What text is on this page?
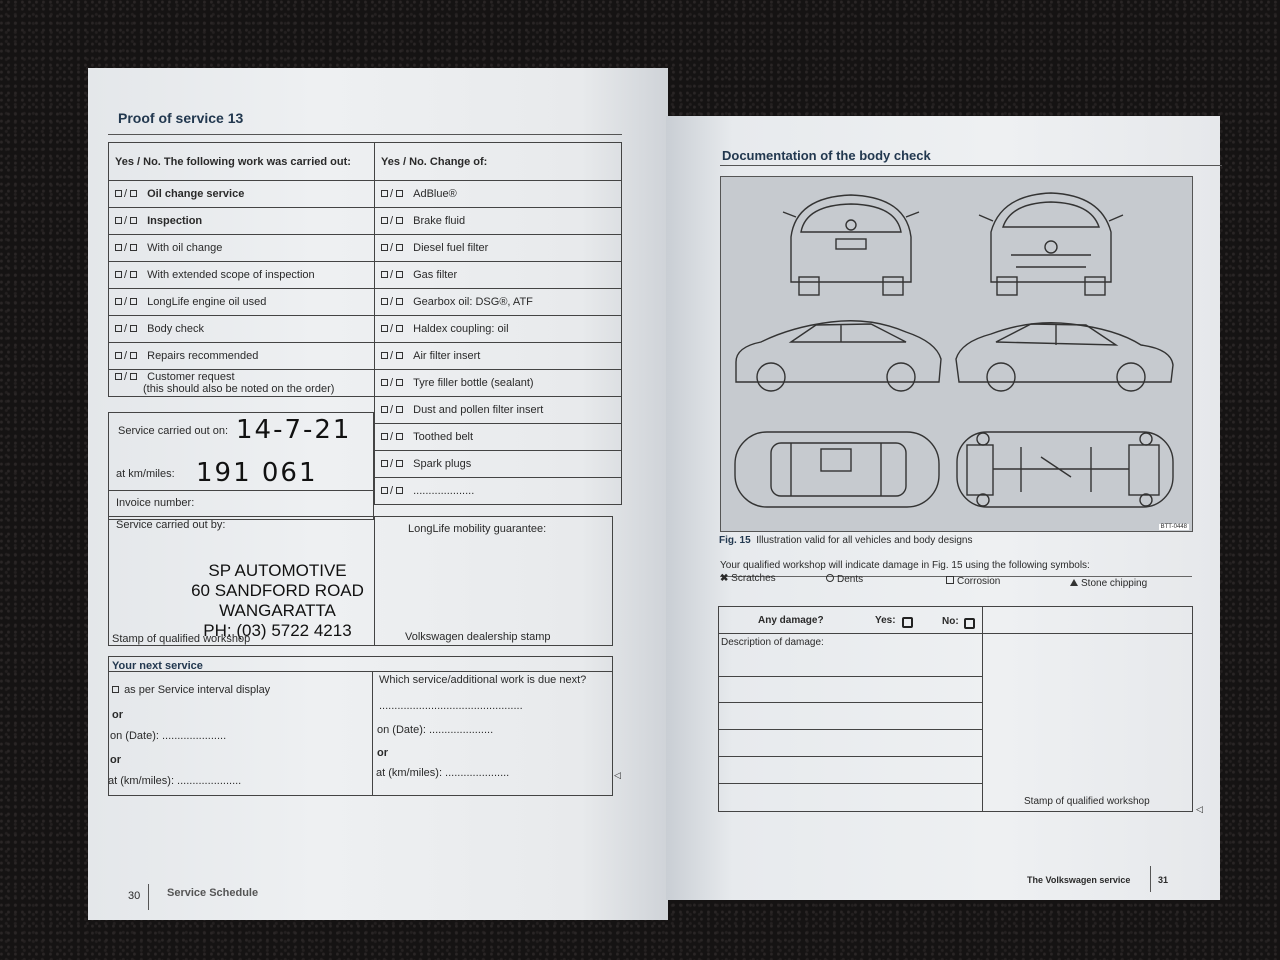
Proof of service 13
Yes / No. The following work was carried out:	Yes / No. Change of:
/ Oil change service	/ AdBlue®
/ Inspection	/ Brake fluid
/ With oil change	/ Diesel fuel filter
/ With extended scope of inspection	/ Gas filter
/ LongLife engine oil used	/ Gearbox oil: DSG®, ATF
/ Body check	/ Haldex coupling: oil
/ Repairs recommended	/ Air filter insert
/ Customer request
(this should also be noted on the order)	/ Tyre filler bottle (sealant)
	/ Dust and pollen filter insert
	/ Toothed belt
	/ Spark plugs
	/ ....................
Service carried out on: 14-7-21
at km/miles: 191 061
Invoice number:
Service carried out by:	LongLife mobility guarantee:
SP AUTOMOTIVE
60 SANDFORD ROAD
WANGARATTA
PH: (03) 5722 4213
Stamp of qualified workshop	Volkswagen dealership stamp
Your next service
as per Service interval display
or
on (Date): .....................
or
at (km/miles): .....................
Which service/additional work is due next?
...............................................
on (Date): .....................
or
at (km/miles): .....................	◁
30 Service Schedule
Documentation of the body check
BTT-0448
Fig. 15 Illustration valid for all vehicles and body designs
Your qualified workshop will indicate damage in Fig. 15 using the following symbols:
✖ Scratches	Dents	Corrosion	Stone chipping
Any damage?	Yes:	No:
Description of damage:
Stamp of qualified workshop
◁
The Volkswagen service	31
